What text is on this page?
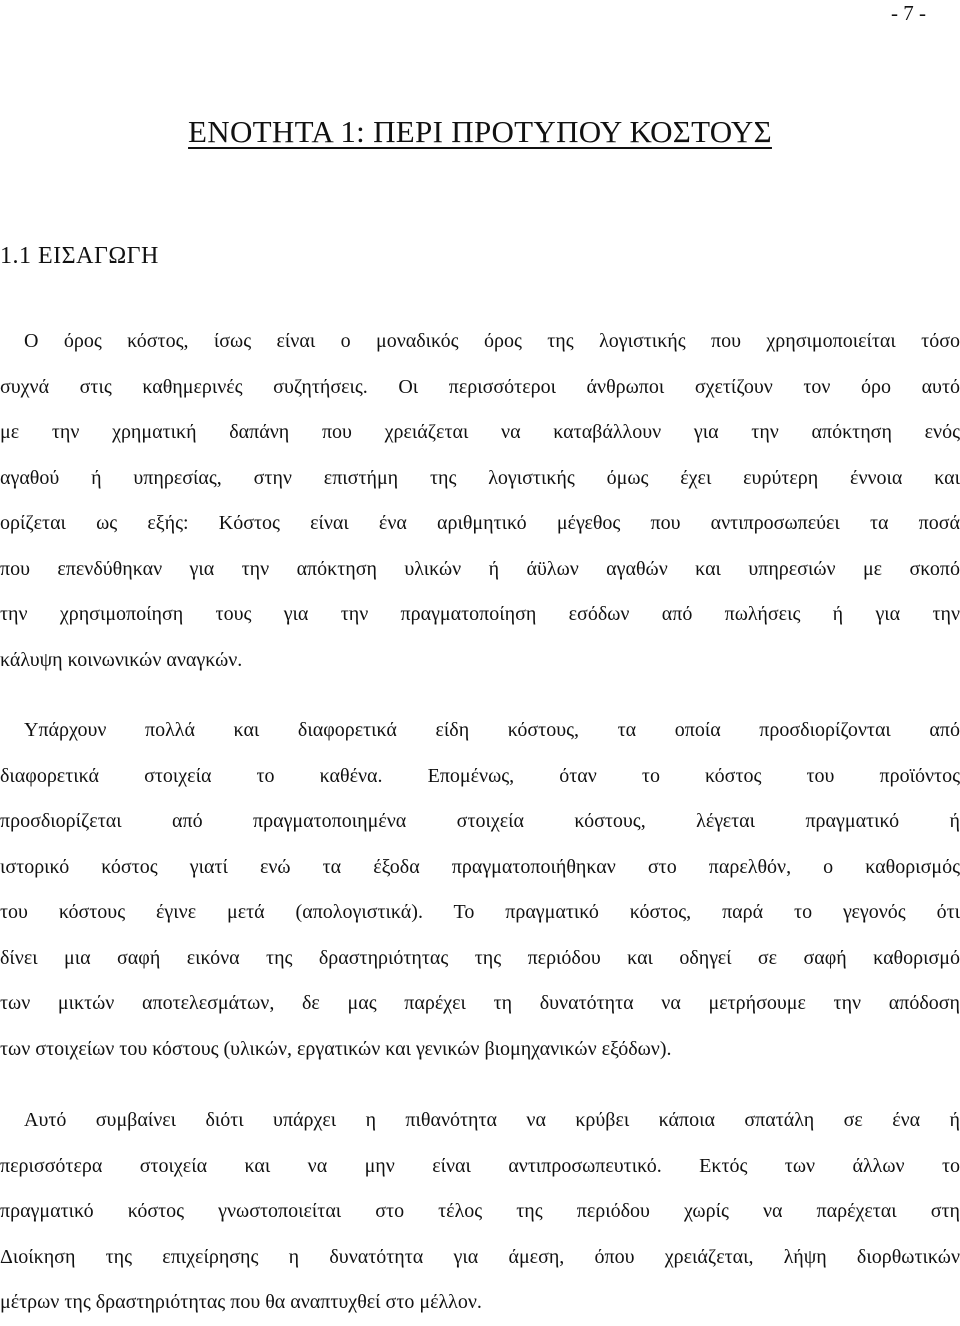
- 7 -
ΕΝΟΤΗΤΑ 1: ΠΕΡΙ ΠΡΟΤΥΠΟΥ ΚΟΣΤΟΥΣ
1.1 ΕΙΣΑΓΩΓΗ
Ο όρος κόστος, ίσως είναι ο μοναδικός όρος της λογιστικής που χρησιμοποιείται τόσο
συχνά στις καθημερινές συζητήσεις. Οι περισσότεροι άνθρωποι σχετίζουν τον όρο αυτό
με την χρηματική δαπάνη που χρειάζεται να καταβάλλουν για την απόκτηση ενός
αγαθού ή υπηρεσίας, στην επιστήμη της λογιστικής όμως έχει ευρύτερη έννοια και
ορίζεται ως εξής: Κόστος είναι ένα αριθμητικό μέγεθος που αντιπροσωπεύει τα ποσά
που επενδύθηκαν για την απόκτηση υλικών ή άϋλων αγαθών και υπηρεσιών με σκοπό
την χρησιμοποίηση τους για την πραγματοποίηση εσόδων από πωλήσεις ή για την
κάλυψη κοινωνικών αναγκών.
Υπάρχουν πολλά και διαφορετικά είδη κόστους, τα οποία προσδιορίζονται από
διαφορετικά στοιχεία το καθένα. Επομένως, όταν το κόστος του προϊόντος
προσδιορίζεται από πραγματοποιημένα στοιχεία κόστους, λέγεται πραγματικό ή
ιστορικό κόστος γιατί ενώ τα έξοδα πραγματοποιήθηκαν στο παρελθόν, ο καθορισμός
του κόστους έγινε μετά (απολογιστικά). Το πραγματικό κόστος, παρά το γεγονός ότι
δίνει μια σαφή εικόνα της δραστηριότητας της περιόδου και οδηγεί σε σαφή καθορισμό
των μικτών αποτελεσμάτων, δε μας παρέχει τη δυνατότητα να μετρήσουμε την απόδοση
των στοιχείων του κόστους (υλικών, εργατικών και γενικών βιομηχανικών εξόδων).
Αυτό συμβαίνει διότι υπάρχει η πιθανότητα να κρύβει κάποια σπατάλη σε ένα ή
περισσότερα στοιχεία και να μην είναι αντιπροσωπευτικό. Εκτός των άλλων το
πραγματικό κόστος γνωστοποιείται στο τέλος της περιόδου χωρίς να παρέχεται στη
Διοίκηση της επιχείρησης η δυνατότητα για άμεση, όπου χρειάζεται, λήψη διορθωτικών
μέτρων της δραστηριότητας που θα αναπτυχθεί στο μέλλον.
